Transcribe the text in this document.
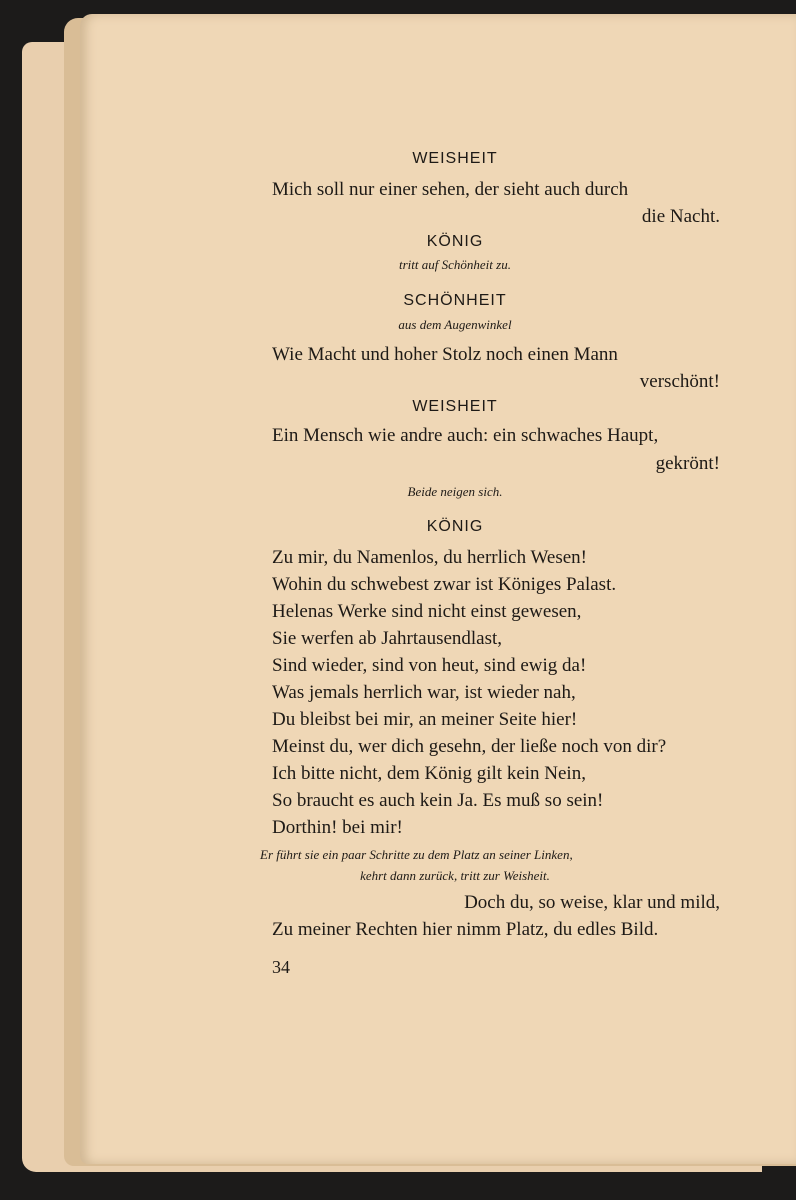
WEISHEIT
Mich soll nur einer sehen, der sieht auch durch
die Nacht.
KÖNIG
tritt auf Schönheit zu.
SCHÖNHEIT
aus dem Augenwinkel
Wie Macht und hoher Stolz noch einen Mann
verschönt!
WEISHEIT
Ein Mensch wie andre auch: ein schwaches Haupt,
gekrönt!
Beide neigen sich.
KÖNIG
Zu mir, du Namenlos, du herrlich Wesen!
Wohin du schwebest zwar ist Königes Palast.
Helenas Werke sind nicht einst gewesen,
Sie werfen ab Jahrtausendlast,
Sind wieder, sind von heut, sind ewig da!
Was jemals herrlich war, ist wieder nah,
Du bleibst bei mir, an meiner Seite hier!
Meinst du, wer dich gesehn, der ließe noch von dir?
Ich bitte nicht, dem König gilt kein Nein,
So braucht es auch kein Ja. Es muß so sein!
Dorthin! bei mir!
Er führt sie ein paar Schritte zu dem Platz an seiner Linken,
kehrt dann zurück, tritt zur Weisheit.
Doch du, so weise, klar und mild,
Zu meiner Rechten hier nimm Platz, du edles Bild.
34
